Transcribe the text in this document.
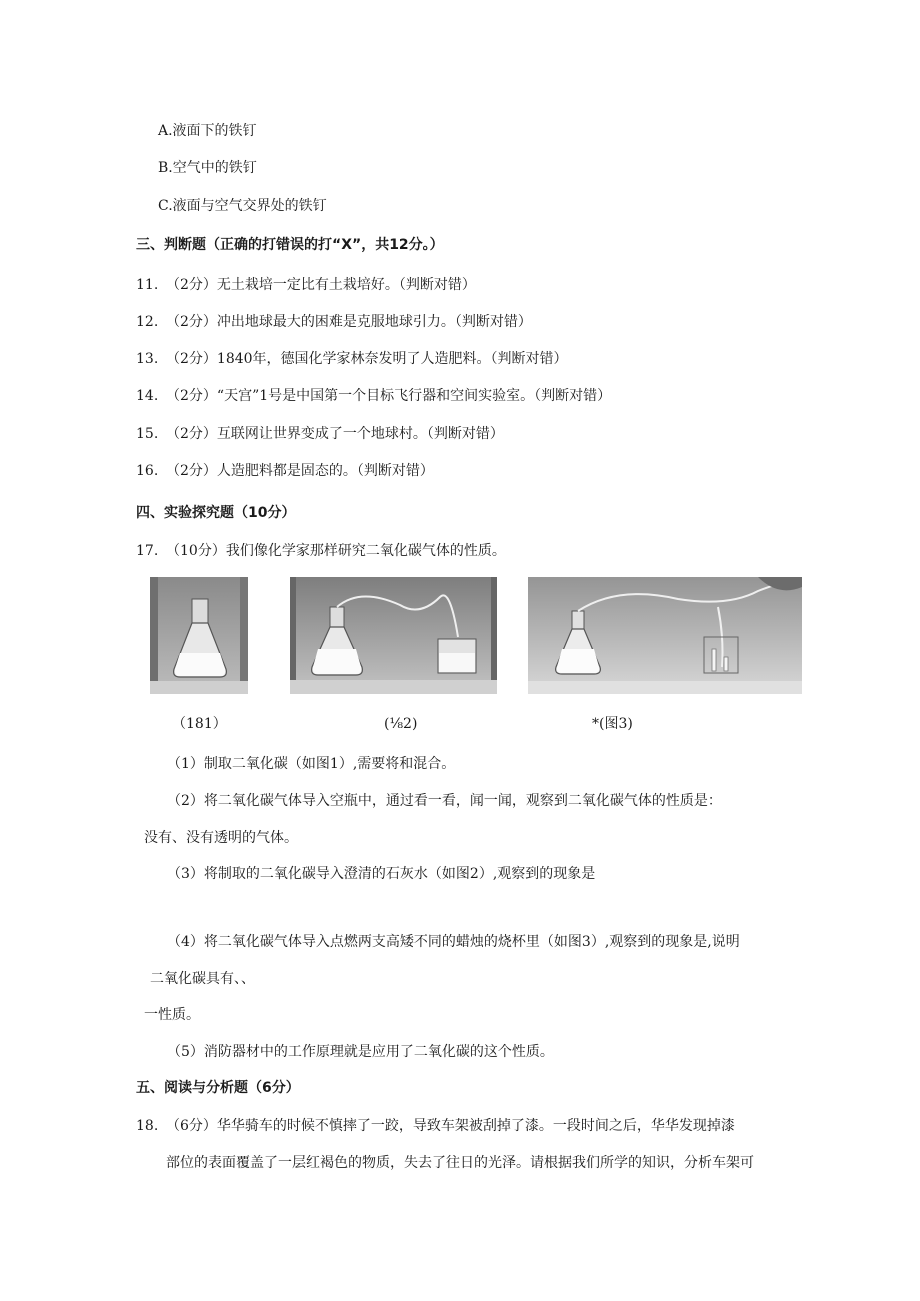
A.液面下的铁钉
B.空气中的铁钉
C.液面与空气交界处的铁钉
三、判断题（正确的打错误的打“X”，共12分。）
11. （2分）无土栽培一定比有土栽培好。（判断对错）
12. （2分）冲出地球最大的困难是克服地球引力。（判断对错）
13. （2分）1840年，德国化学家林奈发明了人造肥料。（判断对错）
14. （2分）“天宫”1号是中国第一个目标飞行器和空间实验室。（判断对错）
15. （2分）互联网让世界变成了一个地球村。（判断对错）
16. （2分）人造肥料都是固态的。（判断对错）
四、实验探究题（10分）
17. （10分）我们像化学家那样研究二氧化碳气体的性质。
（181）	(⅛2)	*(图3)
（1）制取二氧化碳（如图1）,需要将和混合。
（2）将二氧化碳气体导入空瓶中，通过看一看，闻一闻，观察到二氧化碳气体的性质是：
没有、没有透明的气体。
（3）将制取的二氧化碳导入澄清的石灰水（如图2）,观察到的现象是
（4）将二氧化碳气体导入点燃两支高矮不同的蜡烛的烧杯里（如图3）,观察到的现象是,说明
二氧化碳具有、、
一性质。
（5）消防器材中的工作原理就是应用了二氧化碳的这个性质。
五、阅读与分析题（6分）
18. （6分）华华骑车的时候不慎摔了一跤，导致车架被刮掉了漆。一段时间之后，华华发现掉漆
部位的表面覆盖了一层红褐色的物质，失去了往日的光泽。请根据我们所学的知识，分析车架可
